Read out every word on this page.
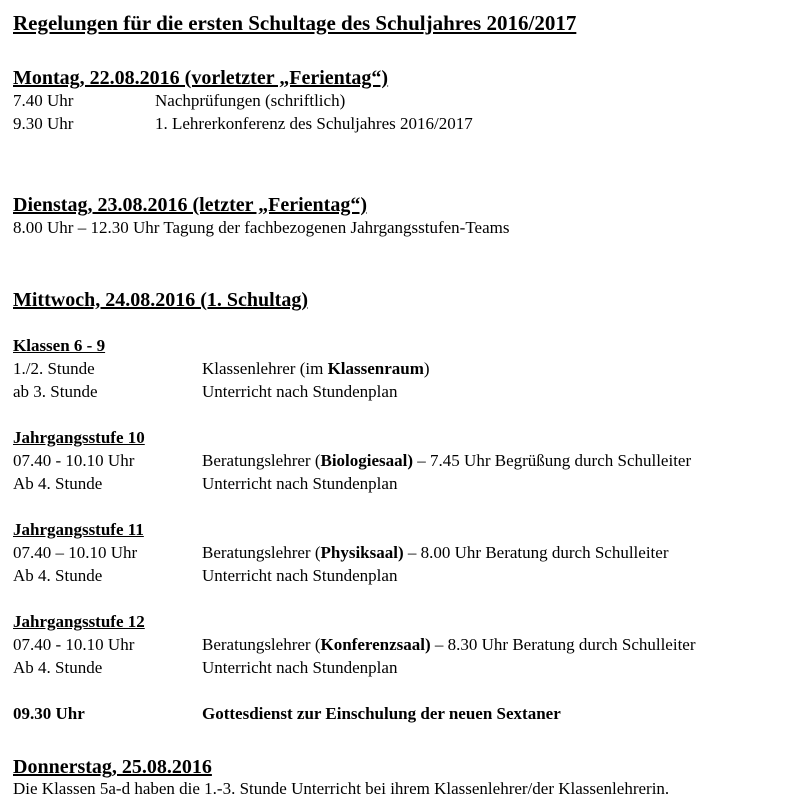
Regelungen für die ersten Schultage des Schuljahres 2016/2017
Montag, 22.08.2016 (vorletzter „Ferientag“)
7.40 Uhr	Nachprüfungen (schriftlich)
9.30 Uhr	1. Lehrerkonferenz des Schuljahres 2016/2017
Dienstag, 23.08.2016 (letzter „Ferientag“)
8.00 Uhr – 12.30 Uhr Tagung der fachbezogenen Jahrgangsstufen-Teams
Mittwoch, 24.08.2016 (1. Schultag)
Klassen 6 - 9
1./2. Stunde	Klassenlehrer (im Klassenraum)
ab 3. Stunde	Unterricht nach Stundenplan
Jahrgangsstufe 10
07.40 - 10.10 Uhr	Beratungslehrer (Biologiesaal) – 7.45 Uhr Begrüßung durch Schulleiter
Ab 4. Stunde	Unterricht nach Stundenplan
Jahrgangsstufe 11
07.40 – 10.10 Uhr	Beratungslehrer (Physiksaal) – 8.00 Uhr Beratung durch Schulleiter
Ab 4. Stunde	Unterricht nach Stundenplan
Jahrgangsstufe 12
07.40 - 10.10 Uhr	Beratungslehrer (Konferenzsaal) – 8.30 Uhr Beratung durch Schulleiter
Ab 4. Stunde	Unterricht nach Stundenplan
09.30 Uhr	Gottesdienst zur Einschulung der neuen Sextaner
Donnerstag, 25.08.2016
Die Klassen 5a-d haben die 1.-3. Stunde Unterricht bei ihrem Klassenlehrer/der Klassenlehrerin.
